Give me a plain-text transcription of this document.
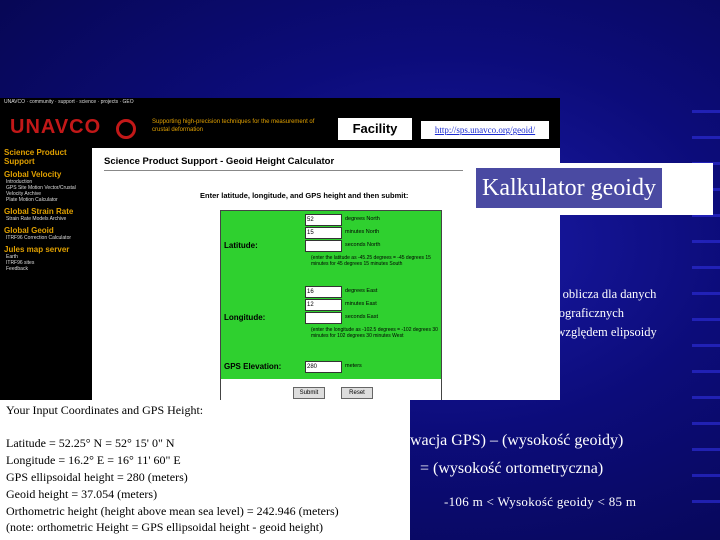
UNAVCO · community · support · science · projects · GEO
UNAVCO	Supporting high-precision techniques for the measurement of crustal deformation	Facility	http://sps.unavco.org/geoid/
Science Product Support
Global Velocity
Introduction
GPS Site Motion Vector/Crustal Velocity Archive
Plate Motion Calculator
Global Strain Rate
Strain Rate Models Archive
Global Geoid
ITRF96 Correction Calculator
Jules map server
Earth
ITRF96 sites
Feedback
Science Product Support - Geoid Height Calculator
Enter latitude, longitude, and GPS height and then submit:
Latitude:
52	degrees North
15	minutes North
seconds North
(enter the latitude as -45.25 degrees = -45 degrees 15 minutes for 45 degrees 15 minutes South
Longitude:
16	degrees East
12	minutes East
seconds East
(enter the longitude as -102.5 degrees = -102 degrees 30 minutes for 102 degrees 30 minutes West
GPS Elevation:	280	meters
Submit	Reset
Kalkulator geoidy
dy oblicza dla danych
geograficznych
y względem elipsoidy
Your Input Coordinates and GPS Height:
Latitude = 52.25° N = 52° 15' 0" N
Longitude = 16.2° E = 16° 11' 60" E
GPS ellipsoidal height = 280 (meters)
Geoid height = 37.054 (meters)
Orthometric height (height above mean sea level) = 242.946 (meters)
(note: orthometric Height = GPS ellipsoidal height - geoid height)
(elewacja GPS) – (wysokość geoidy)
= (wysokość ortometryczna)
-106 m < Wysokość geoidy < 85 m
